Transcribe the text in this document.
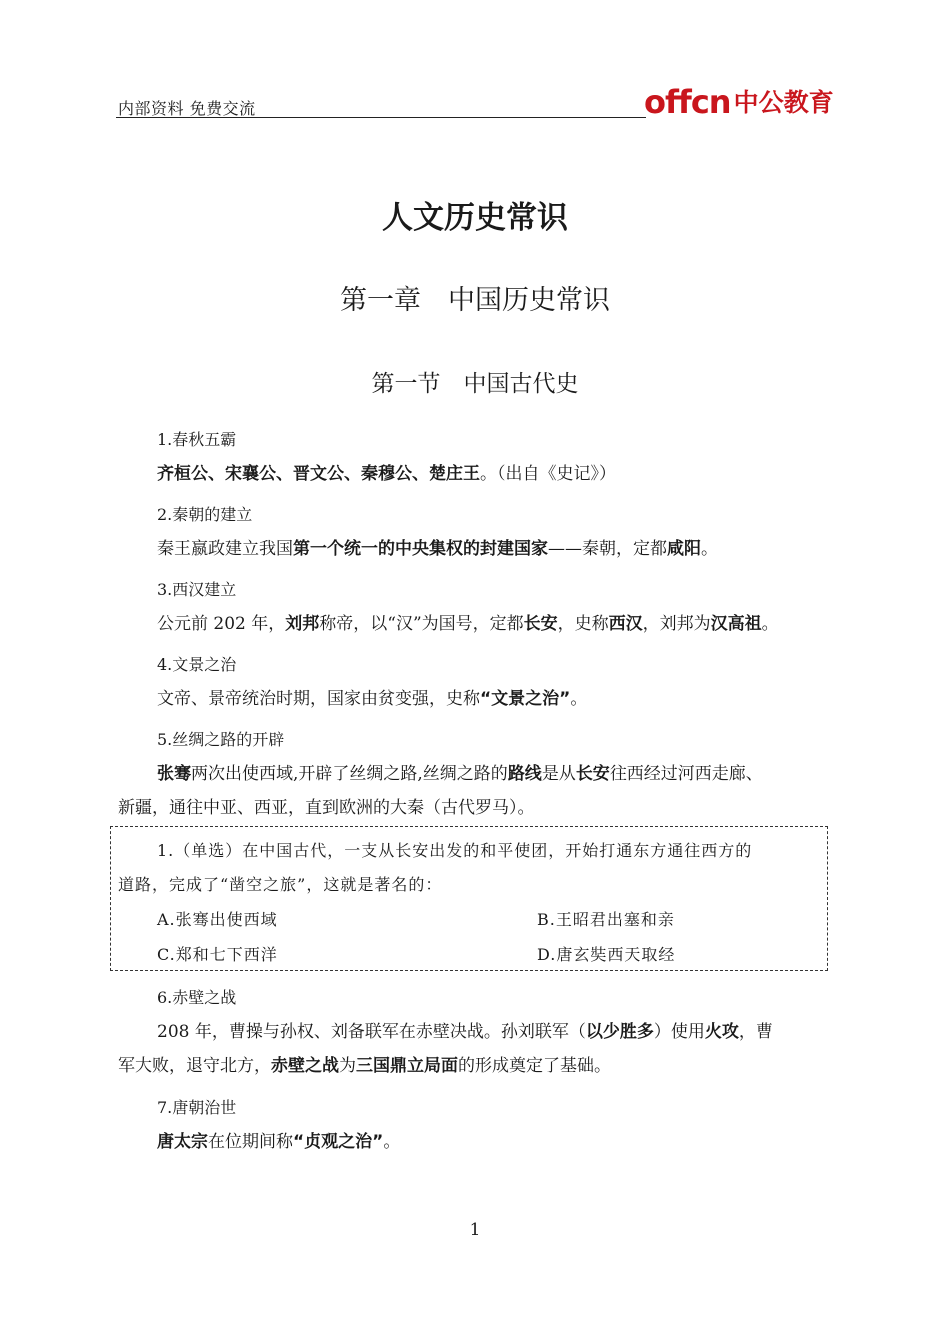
内部资料 免费交流	offcn 中公教育
人文历史常识
第一章　中国历史常识
第一节　中国古代史
1.春秋五霸
齐桓公、宋襄公、晋文公、秦穆公、楚庄王。（出自《史记》）
2.秦朝的建立
秦王嬴政建立我国第一个统一的中央集权的封建国家——秦朝，定都咸阳。
3.西汉建立
公元前 202 年，刘邦称帝，以“汉”为国号，定都长安，史称西汉，刘邦为汉高祖。
4.文景之治
文帝、景帝统治时期，国家由贫变强，史称“文景之治”。
5.丝绸之路的开辟
张骞两次出使西域,开辟了丝绸之路,丝绸之路的路线是从长安往西经过河西走廊、
新疆，通往中亚、西亚，直到欧洲的大秦（古代罗马）。
1.（单选）在中国古代，一支从长安出发的和平使团，开始打通东方通往西方的
道路，完成了“凿空之旅”，这就是著名的：
A.张骞出使西域	B.王昭君出塞和亲
C.郑和七下西洋	D.唐玄奘西天取经
6.赤壁之战
208 年，曹操与孙权、刘备联军在赤壁决战。孙刘联军（以少胜多）使用火攻，曹
军大败，退守北方，赤壁之战为三国鼎立局面的形成奠定了基础。
7.唐朝治世
唐太宗在位期间称“贞观之治”。
1
